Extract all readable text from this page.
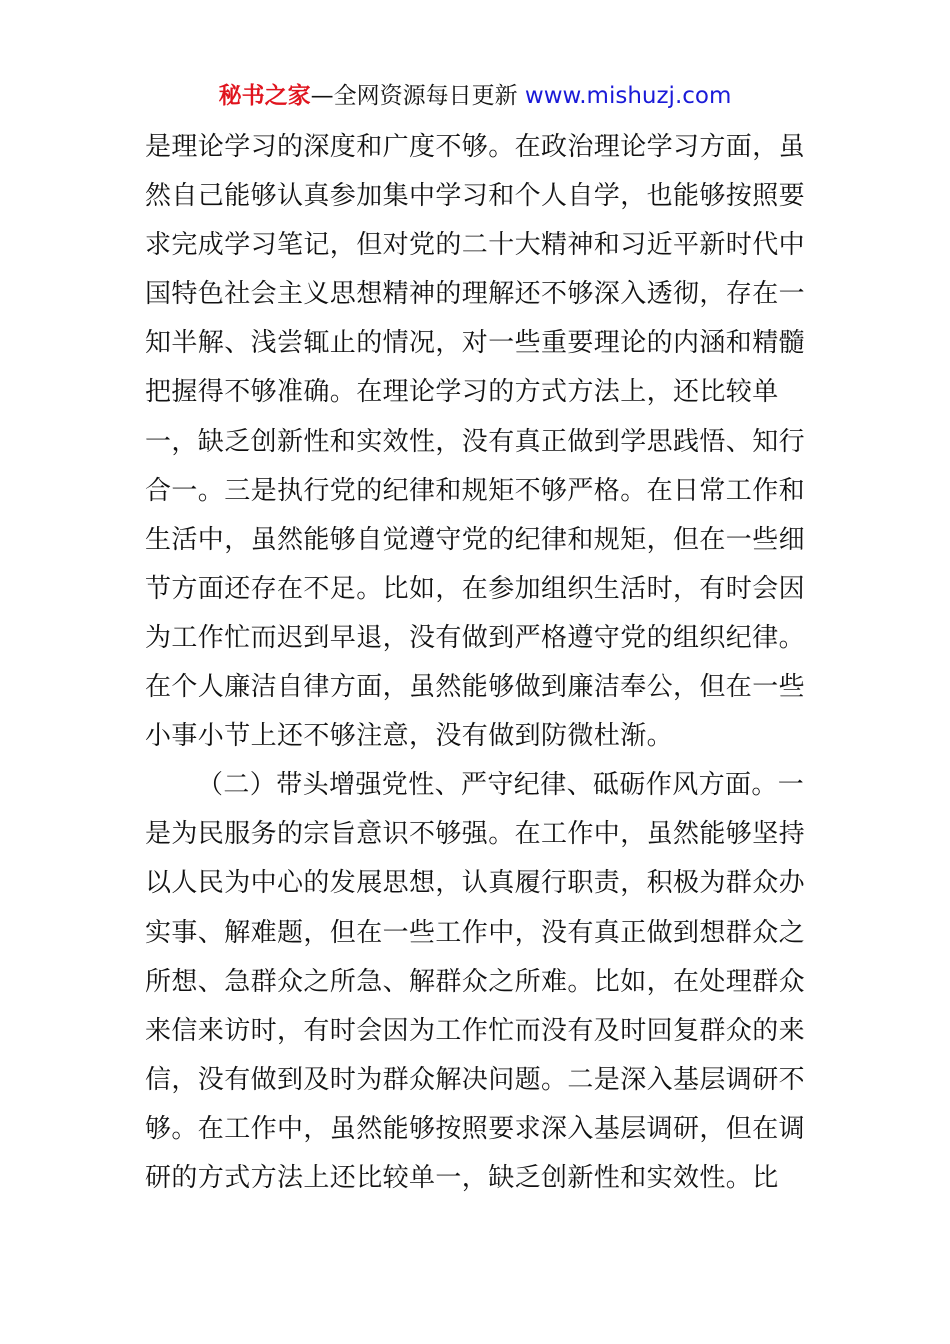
秘书之家—全网资源每日更新 www.mishuzj.com
是理论学习的深度和广度不够。在政治理论学习方面，虽
然自己能够认真参加集中学习和个人自学，也能够按照要
求完成学习笔记，但对党的二十大精神和习近平新时代中
国特色社会主义思想精神的理解还不够深入透彻，存在一
知半解、浅尝辄止的情况，对一些重要理论的内涵和精髓
把握得不够准确。在理论学习的方式方法上，还比较单
一，缺乏创新性和实效性，没有真正做到学思践悟、知行
合一。三是执行党的纪律和规矩不够严格。在日常工作和
生活中，虽然能够自觉遵守党的纪律和规矩，但在一些细
节方面还存在不足。比如，在参加组织生活时，有时会因
为工作忙而迟到早退，没有做到严格遵守党的组织纪律。
在个人廉洁自律方面，虽然能够做到廉洁奉公，但在一些
小事小节上还不够注意，没有做到防微杜渐。
（二）带头增强党性、严守纪律、砥砺作风方面。一
是为民服务的宗旨意识不够强。在工作中，虽然能够坚持
以人民为中心的发展思想，认真履行职责，积极为群众办
实事、解难题，但在一些工作中，没有真正做到想群众之
所想、急群众之所急、解群众之所难。比如，在处理群众
来信来访时，有时会因为工作忙而没有及时回复群众的来
信，没有做到及时为群众解决问题。二是深入基层调研不
够。在工作中，虽然能够按照要求深入基层调研，但在调
研的方式方法上还比较单一，缺乏创新性和实效性。比
